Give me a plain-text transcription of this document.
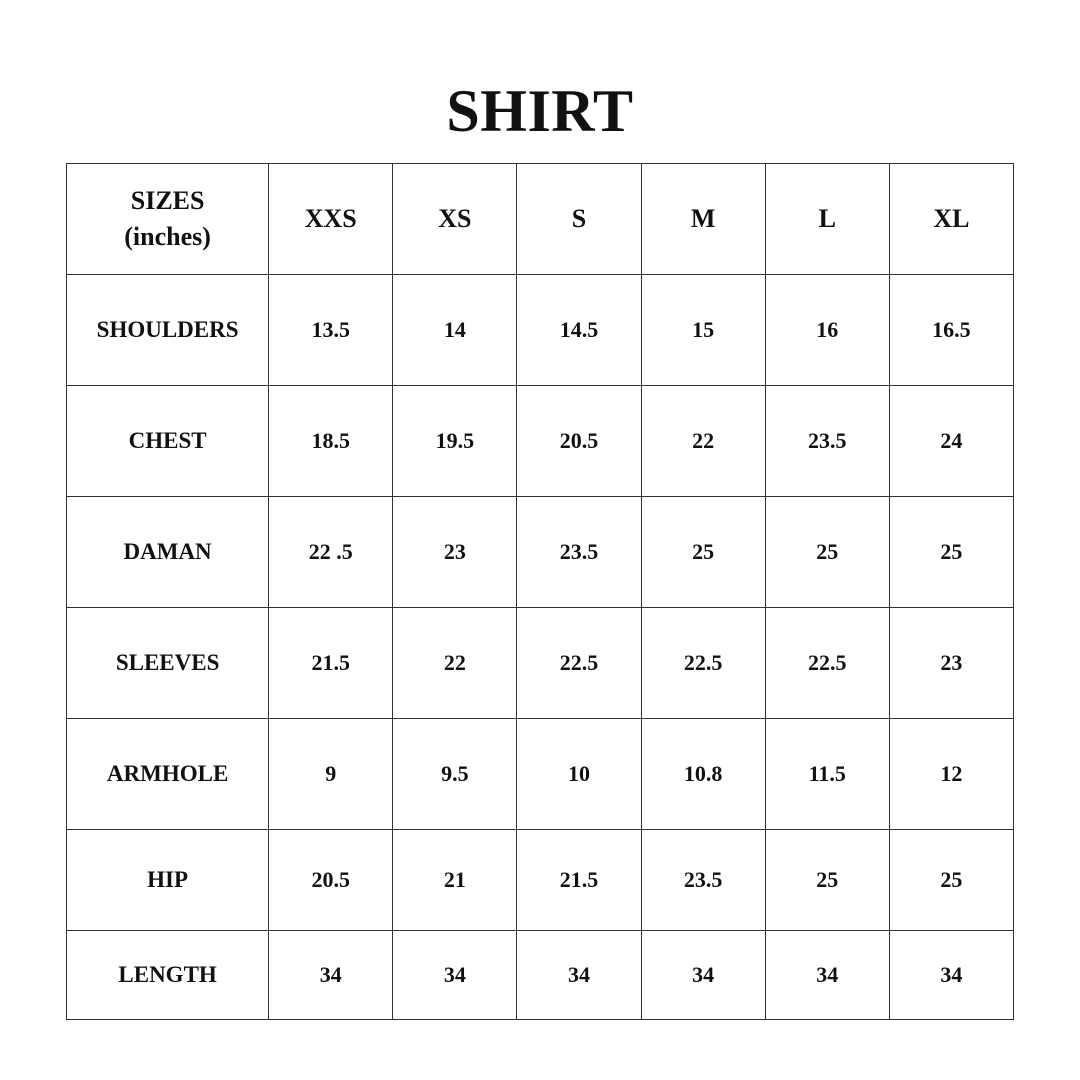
SHIRT
SIZES
(inches)	XXS	XS	S	M	L	XL
SHOULDERS	13.5	14	14.5	15	16	16.5
CHEST	18.5	19.5	20.5	22	23.5	24
DAMAN	22 .5	23	23.5	25	25	25
SLEEVES	21.5	22	22.5	22.5	22.5	23
ARMHOLE	9	9.5	10	10.8	11.5	12
HIP	20.5	21	21.5	23.5	25	25
LENGTH	34	34	34	34	34	34
